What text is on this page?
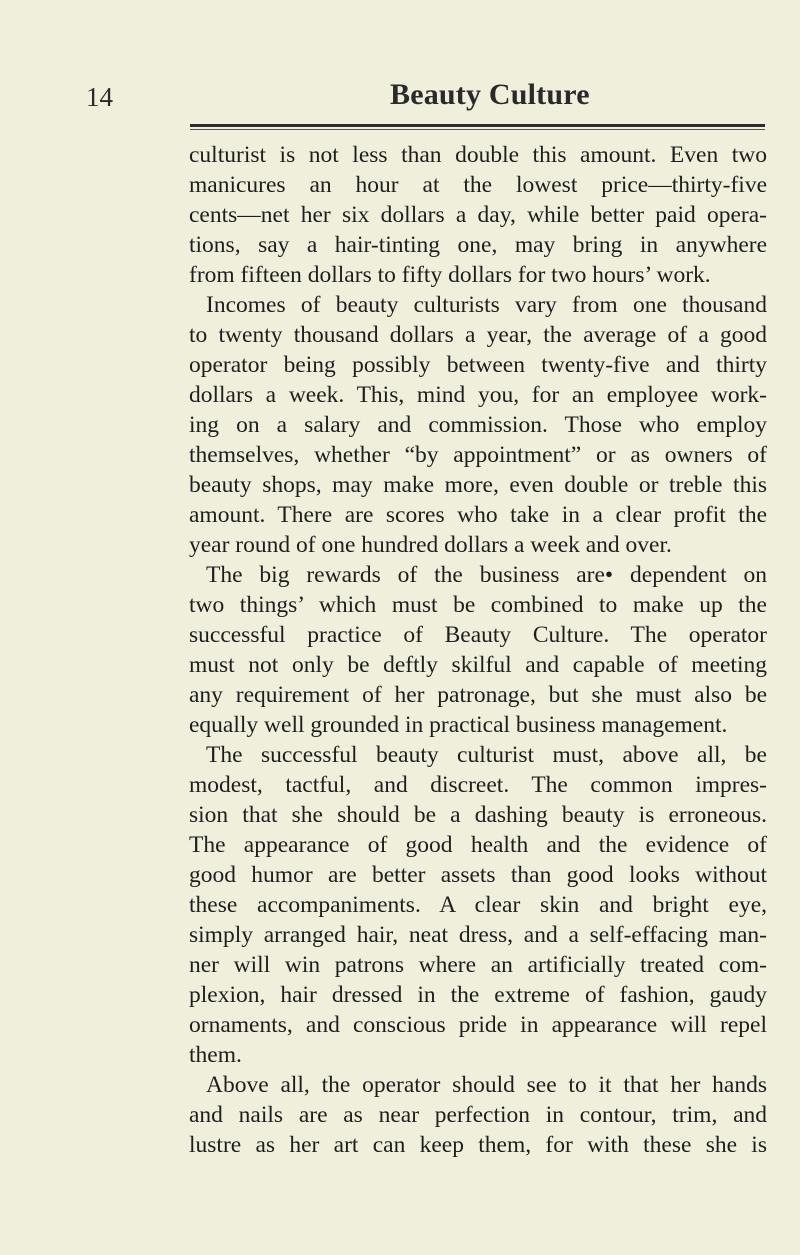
14	Beauty Culture
culturist is not less than double this amount. Even two
manicures an hour at the lowest price—thirty-five
cents—net her six dollars a day, while better paid opera-
tions, say a hair-tinting one, may bring in anywhere
from fifteen dollars to fifty dollars for two hours’ work.
Incomes of beauty culturists vary from one thousand
to twenty thousand dollars a year, the average of a good
operator being possibly between twenty-five and thirty
dollars a week. This, mind you, for an employee work-
ing on a salary and commission. Those who employ
themselves, whether “by appointment” or as owners of
beauty shops, may make more, even double or treble this
amount. There are scores who take in a clear profit the
year round of one hundred dollars a week and over.
The big rewards of the business are• dependent on
two things’ which must be combined to make up the
successful practice of Beauty Culture. The operator
must not only be deftly skilful and capable of meeting
any requirement of her patronage, but she must also be
equally well grounded in practical business management.
The successful beauty culturist must, above all, be
modest, tactful, and discreet. The common impres-
sion that she should be a dashing beauty is erroneous.
The appearance of good health and the evidence of
good humor are better assets than good looks without
these accompaniments. A clear skin and bright eye,
simply arranged hair, neat dress, and a self-effacing man-
ner will win patrons where an artificially treated com-
plexion, hair dressed in the extreme of fashion, gaudy
ornaments, and conscious pride in appearance will repel
them.
Above all, the operator should see to it that her hands
and nails are as near perfection in contour, trim, and
lustre as her art can keep them, for with these she is
